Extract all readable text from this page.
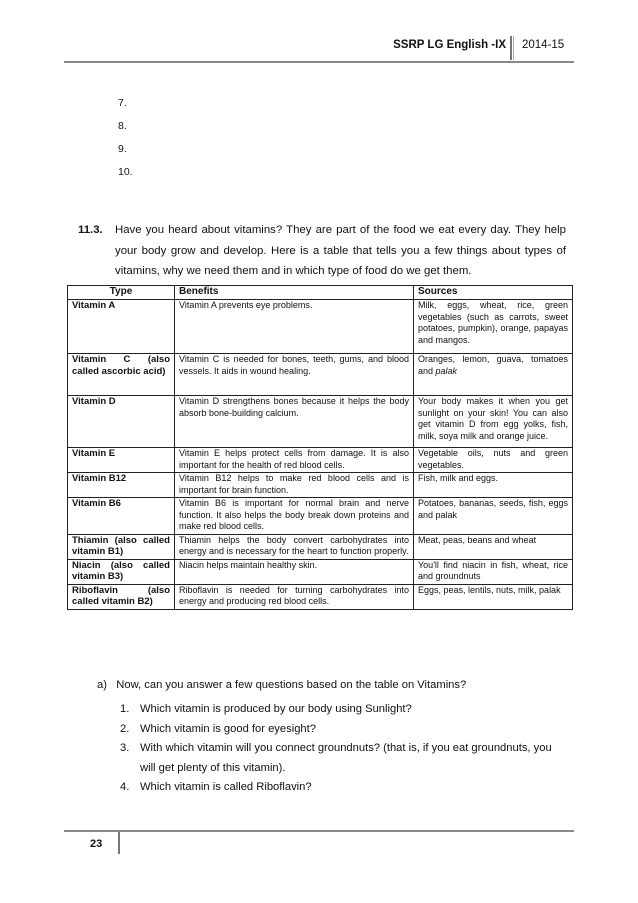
SSRP LG English -IX 2014-15
7.
8.
9.
10.
11.3. Have you heard about vitamins? They are part of the food we eat every day. They help your body grow and develop. Here is a table that tells you a few things about types of vitamins, why we need them and in which type of food do we get them.
Type	Benefits	Sources
Vitamin A	Vitamin A prevents eye problems.	Milk, eggs, wheat, rice, green vegetables (such as carrots, sweet potatoes, pumpkin), orange, papayas and mangos.
Vitamin C (also called ascorbic acid)	Vitamin C is needed for bones, teeth, gums, and blood vessels. It aids in wound healing.	Oranges, lemon, guava, tomatoes and palak
Vitamin D	Vitamin D strengthens bones because it helps the body absorb bone-building calcium.	Your body makes it when you get sunlight on your skin! You can also get vitamin D from egg yolks, fish, milk, soya milk and orange juice.
Vitamin E	Vitamin E helps protect cells from damage. It is also important for the health of red blood cells.	Vegetable oils, nuts and green vegetables.
Vitamin B12	Vitamin B12 helps to make red blood cells and is important for brain function.	Fish, milk and eggs.
Vitamin B6	Vitamin B6 is important for normal brain and nerve function. It also helps the body break down proteins and make red blood cells.	Potatoes, bananas, seeds, fish, eggs and palak
Thiamin (also called vitamin B1)	Thiamin helps the body convert carbohydrates into energy and is necessary for the heart to function properly.	Meat, peas, beans and wheat
Niacin (also called vitamin B3)	Niacin helps maintain healthy skin.	You'll find niacin in fish, wheat, rice and groundnuts
Riboflavin (also called vitamin B2)	Riboflavin is needed for turning carbohydrates into energy and producing red blood cells.	Eggs, peas, lentils, nuts, milk, palak
a) Now, can you answer a few questions based on the table on Vitamins?
1. Which vitamin is produced by our body using Sunlight?
2. Which vitamin is good for eyesight?
3. With which vitamin will you connect groundnuts? (that is, if you eat groundnuts, you will get plenty of this vitamin).
4. Which vitamin is called Riboflavin?
23
